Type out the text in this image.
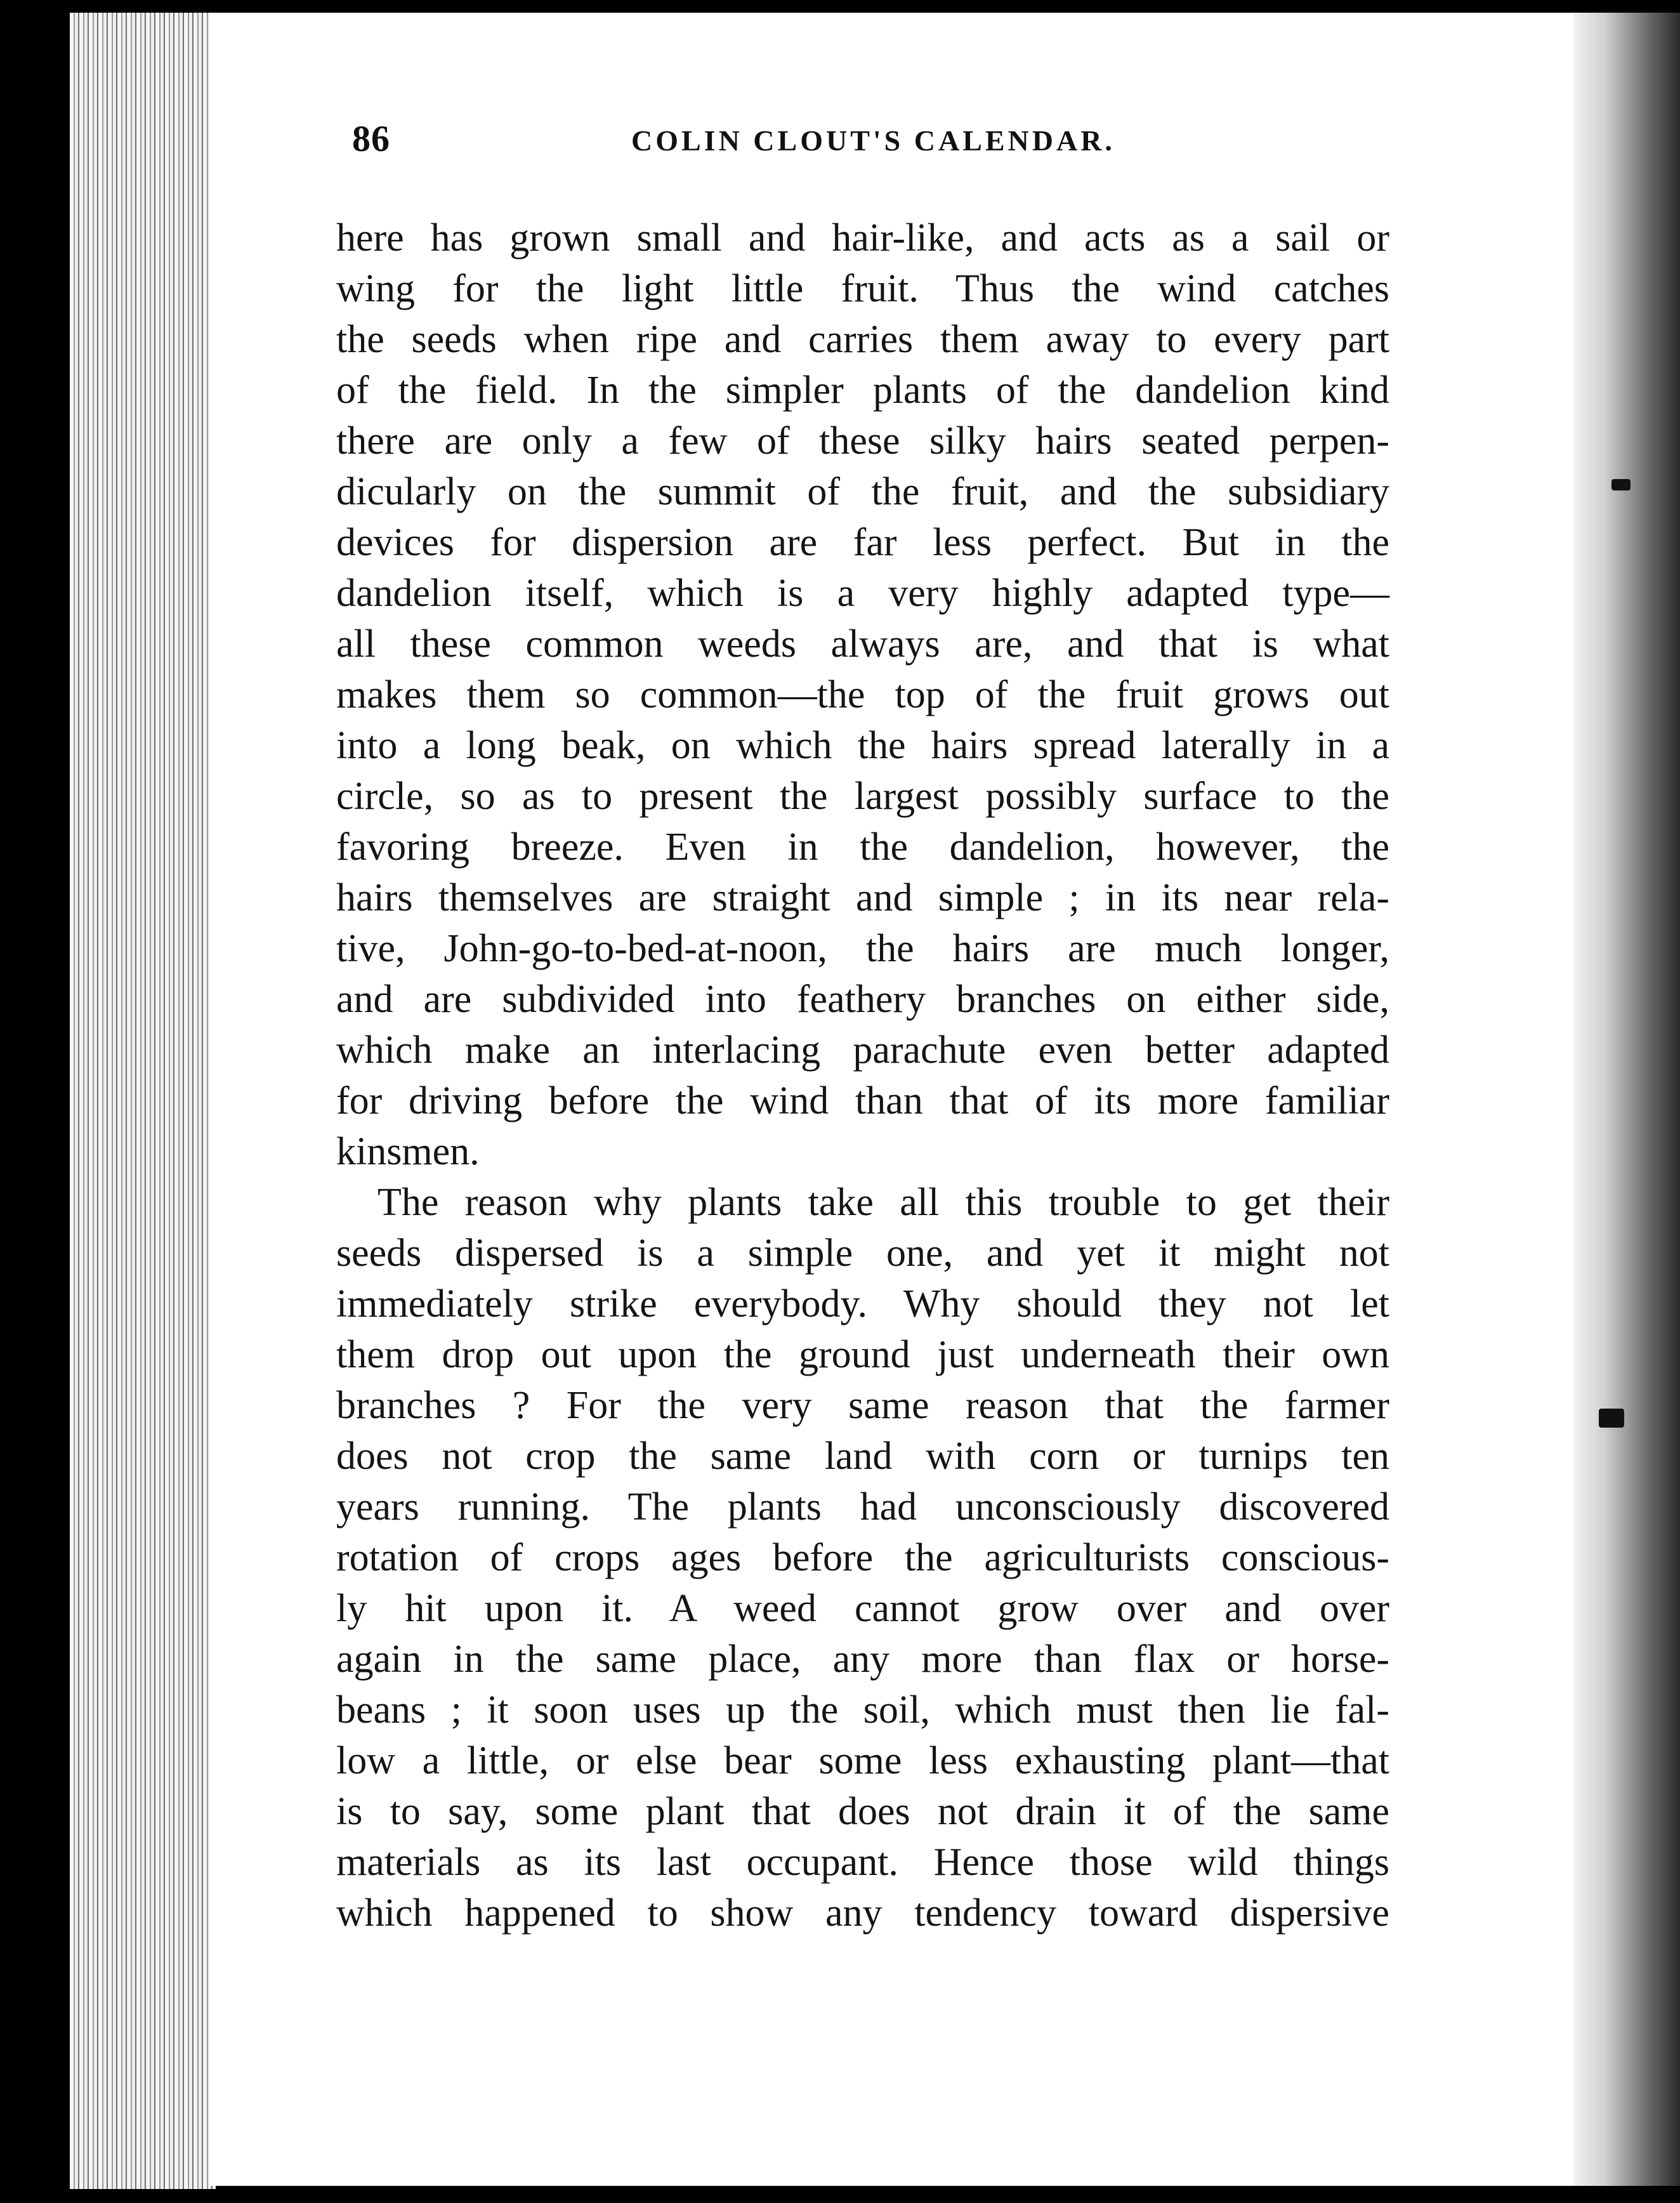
86	COLIN CLOUT'S CALENDAR.
here has grown small and hair-like, and acts as a sail or
wing for the light little fruit. Thus the wind catches
the seeds when ripe and carries them away to every part
of the field. In the simpler plants of the dandelion kind
there are only a few of these silky hairs seated perpen-
dicularly on the summit of the fruit, and the subsidiary
devices for dispersion are far less perfect. But in the
dandelion itself, which is a very highly adapted type—
all these common weeds always are, and that is what
makes them so common—the top of the fruit grows out
into a long beak, on which the hairs spread laterally in a
circle, so as to present the largest possibly surface to the
favoring breeze. Even in the dandelion, however, the
hairs themselves are straight and simple ; in its near rela-
tive, John-go-to-bed-at-noon, the hairs are much longer,
and are subdivided into feathery branches on either side,
which make an interlacing parachute even better adapted
for driving before the wind than that of its more familiar
kinsmen.
The reason why plants take all this trouble to get their
seeds dispersed is a simple one, and yet it might not
immediately strike everybody. Why should they not let
them drop out upon the ground just underneath their own
branches ? For the very same reason that the farmer
does not crop the same land with corn or turnips ten
years running. The plants had unconsciously discovered
rotation of crops ages before the agriculturists conscious-
ly hit upon it. A weed cannot grow over and over
again in the same place, any more than flax or horse-
beans ; it soon uses up the soil, which must then lie fal-
low a little, or else bear some less exhausting plant—that
is to say, some plant that does not drain it of the same
materials as its last occupant. Hence those wild things
which happened to show any tendency toward dispersive
